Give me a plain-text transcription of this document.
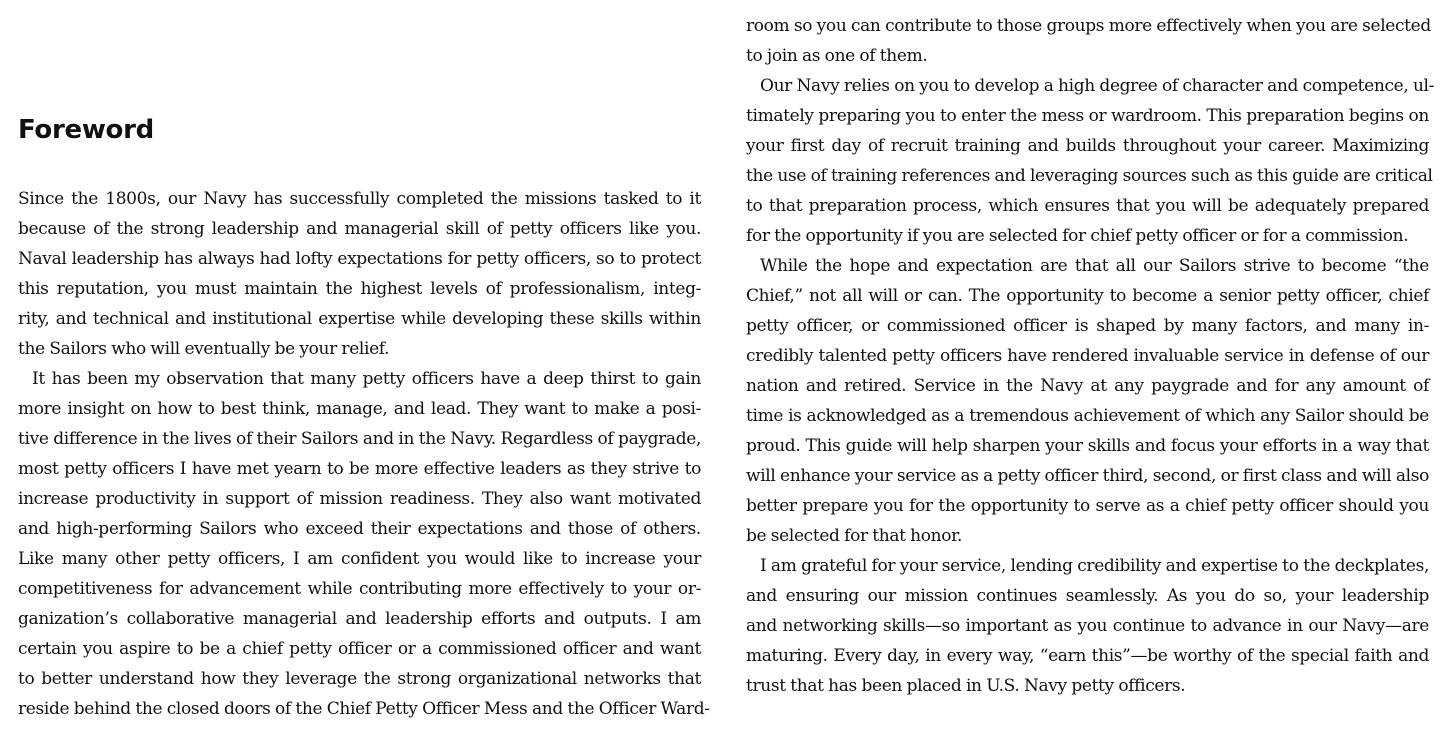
Foreword
Since the 1800s, our Navy has successfully completed the missions tasked to it
because of the strong leadership and managerial skill of petty officers like you.
Naval leadership has always had lofty expectations for petty officers, so to protect
this reputation, you must maintain the highest levels of professionalism, integ-
rity, and technical and institutional expertise while developing these skills within
the Sailors who will eventually be your relief.
It has been my observation that many petty officers have a deep thirst to gain
more insight on how to best think, manage, and lead. They want to make a posi-
tive difference in the lives of their Sailors and in the Navy. Regardless of paygrade,
most petty officers I have met yearn to be more effective leaders as they strive to
increase productivity in support of mission readiness. They also want motivated
and high-performing Sailors who exceed their expectations and those of others.
Like many other petty officers, I am confident you would like to increase your
competitiveness for advancement while contributing more effectively to your or-
ganization’s collaborative managerial and leadership efforts and outputs. I am
certain you aspire to be a chief petty officer or a commissioned officer and want
to better understand how they leverage the strong organizational networks that
reside behind the closed doors of the Chief Petty Officer Mess and the Officer Ward-
room so you can contribute to those groups more effectively when you are selected
to join as one of them.
Our Navy relies on you to develop a high degree of character and competence, ul-
timately preparing you to enter the mess or wardroom. This preparation begins on
your first day of recruit training and builds throughout your career. Maximizing
the use of training references and leveraging sources such as this guide are critical
to that preparation process, which ensures that you will be adequately prepared
for the opportunity if you are selected for chief petty officer or for a commission.
While the hope and expectation are that all our Sailors strive to become “the
Chief,” not all will or can. The opportunity to become a senior petty officer, chief
petty officer, or commissioned officer is shaped by many factors, and many in-
credibly talented petty officers have rendered invaluable service in defense of our
nation and retired. Service in the Navy at any paygrade and for any amount of
time is acknowledged as a tremendous achievement of which any Sailor should be
proud. This guide will help sharpen your skills and focus your efforts in a way that
will enhance your service as a petty officer third, second, or first class and will also
better prepare you for the opportunity to serve as a chief petty officer should you
be selected for that honor.
I am grateful for your service, lending credibility and expertise to the deckplates,
and ensuring our mission continues seamlessly. As you do so, your leadership
and networking skills—so important as you continue to advance in our Navy—are
maturing. Every day, in every way, “earn this”—be worthy of the special faith and
trust that has been placed in U.S. Navy petty officers.
